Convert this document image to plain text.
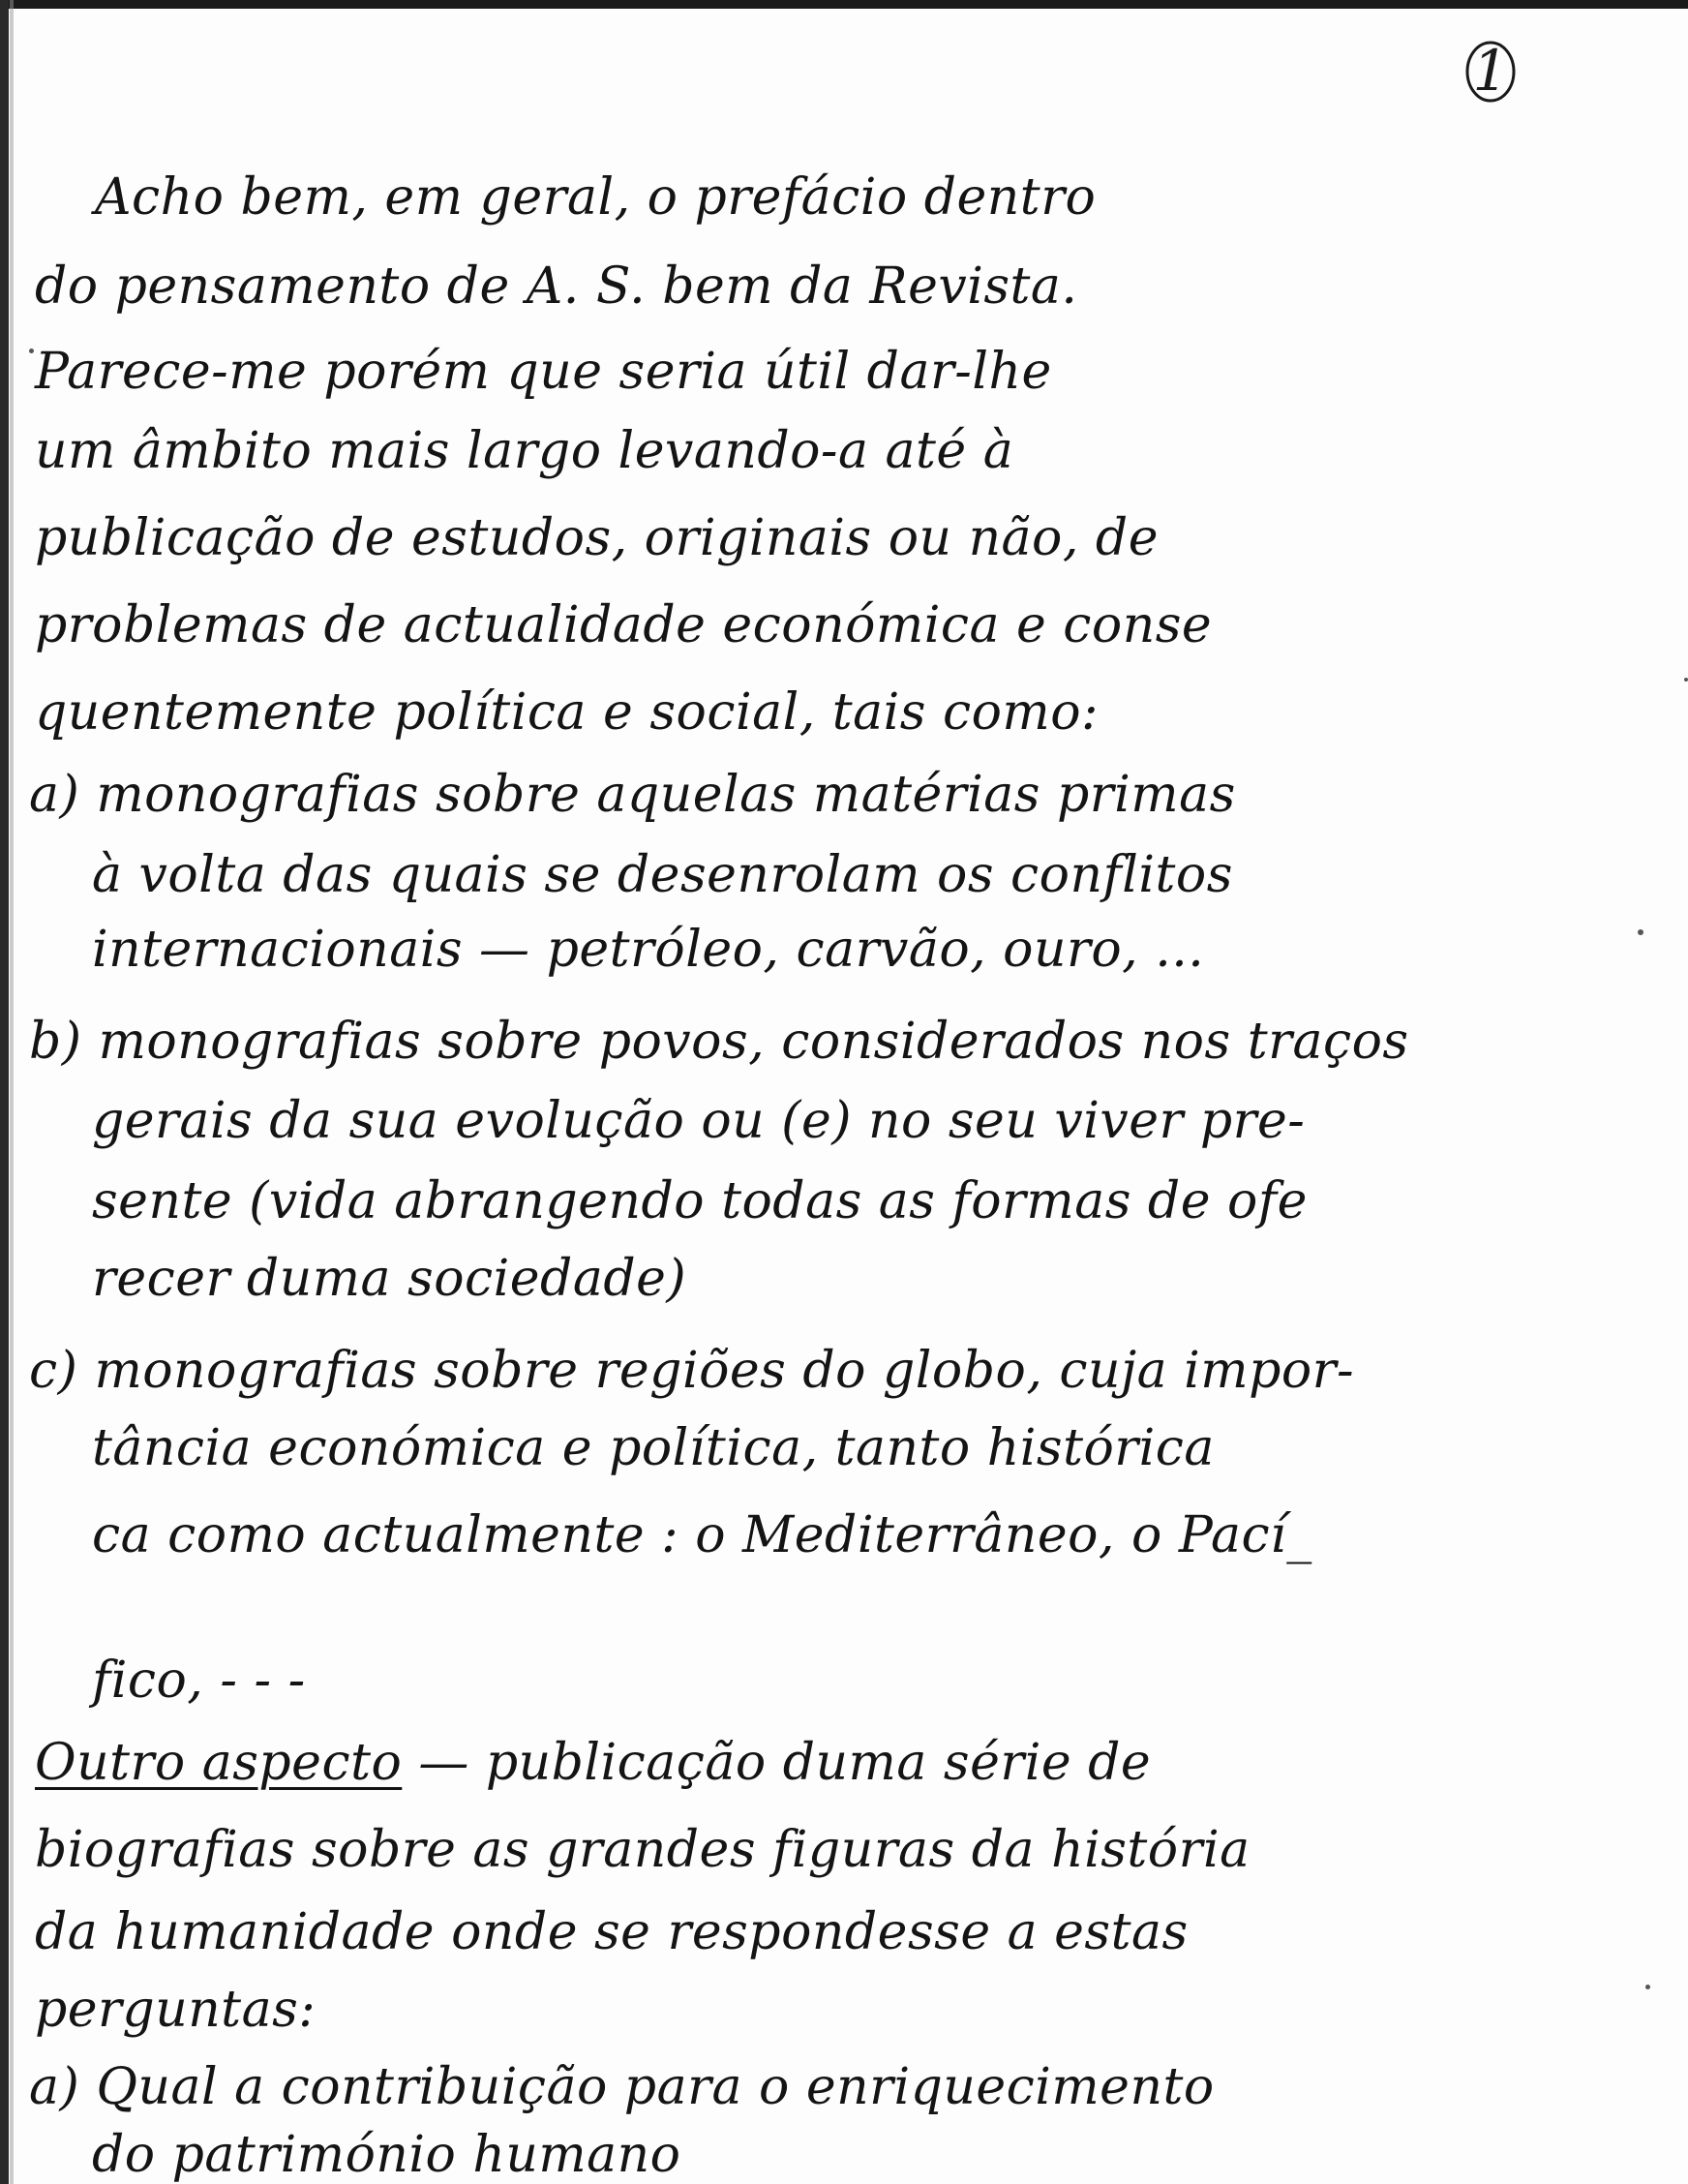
1
Acho bem, em geral, o prefácio dentro
do pensamento de A. S. bem da Revista.
Parece-me porém que seria útil dar-lhe
um âmbito mais largo levando-a até à
publicação de estudos, originais ou não, de
problemas de actualidade económica e conse
quentemente política e social, tais como:
a) monografias sobre aquelas matérias primas
à volta das quais se desenrolam os conflitos
internacionais — petróleo, carvão, ouro, ...
b) monografias sobre povos, considerados nos traços
gerais da sua evolução ou (e) no seu viver pre-
sente (vida abrangendo todas as formas de ofe
recer duma sociedade)
c) monografias sobre regiões do globo, cuja impor-
tância económica e política, tanto histórica
ca como actualmente : o Mediterrâneo, o Pací_
fico, - - -
Outro aspecto — publicação duma série de
biografias sobre as grandes figuras da história
da humanidade onde se respondesse a estas
perguntas:
a) Qual a contribuição para o enriquecimento
do património humano
